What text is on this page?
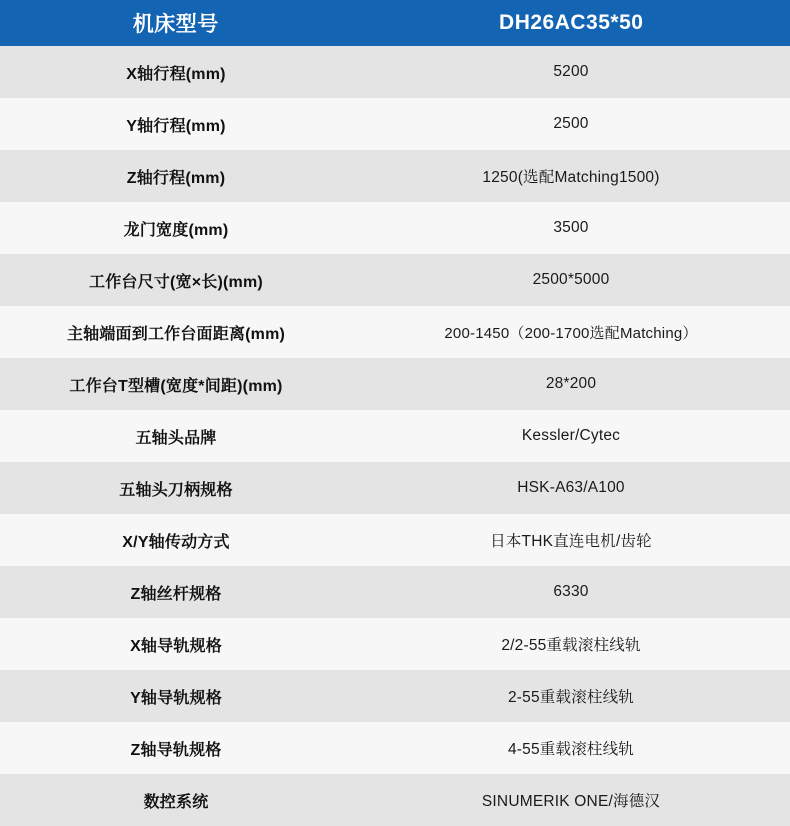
机床型号	DH26AC35*50
X轴行程(mm)	5200
Y轴行程(mm)	2500
Z轴行程(mm)	1250(选配Matching1500)
龙门宽度(mm)	3500
工作台尺寸(宽×长)(mm)	2500*5000
主轴端面到工作台面距离(mm)	200-1450（200-1700选配Matching）
工作台T型槽(宽度*间距)(mm)	28*200
五轴头品牌	Kessler/Cytec
五轴头刀柄规格	HSK-A63/A100
X/Y轴传动方式	日本THK直连电机/齿轮
Z轴丝杆规格	6330
X轴导轨规格	2/2-55重载滚柱线轨
Y轴导轨规格	2-55重载滚柱线轨
Z轴导轨规格	4-55重载滚柱线轨
数控系统	SINUMERIK ONE/海德汉
